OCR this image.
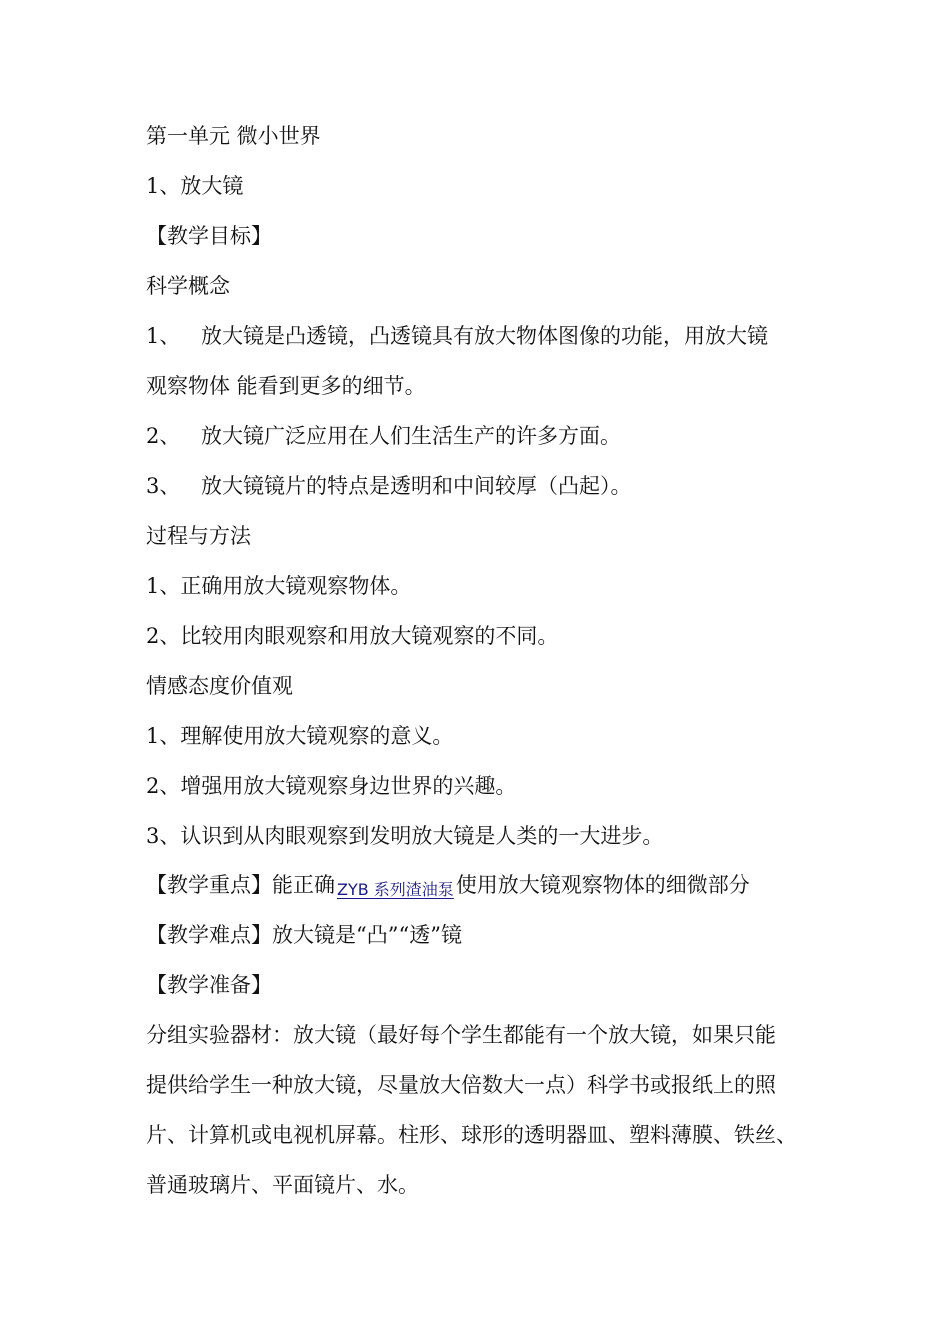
第一单元 微小世界
1、放大镜
【教学目标】
科学概念
1、 放大镜是凸透镜，凸透镜具有放大物体图像的功能，用放大镜
观察物体 能看到更多的细节。
2、 放大镜广泛应用在人们生活生产的许多方面。
3、 放大镜镜片的特点是透明和中间较厚（凸起）。
过程与方法
1、正确用放大镜观察物体。
2、比较用肉眼观察和用放大镜观察的不同。
情感态度价值观
1、理解使用放大镜观察的意义。
2、增强用放大镜观察身边世界的兴趣。
3、认识到从肉眼观察到发明放大镜是人类的一大进步。
【教学重点】能正确 ZYB 系列渣油泵使用放大镜观察物体的细微部分
【教学难点】放大镜是“凸”“透”镜
【教学准备】
分组实验器材：放大镜（最好每个学生都能有一个放大镜，如果只能
提供给学生一种放大镜，尽量放大倍数大一点）科学书或报纸上的照
片、计算机或电视机屏幕。柱形、球形的透明器皿、塑料薄膜、铁丝、
普通玻璃片、平面镜片、水。
